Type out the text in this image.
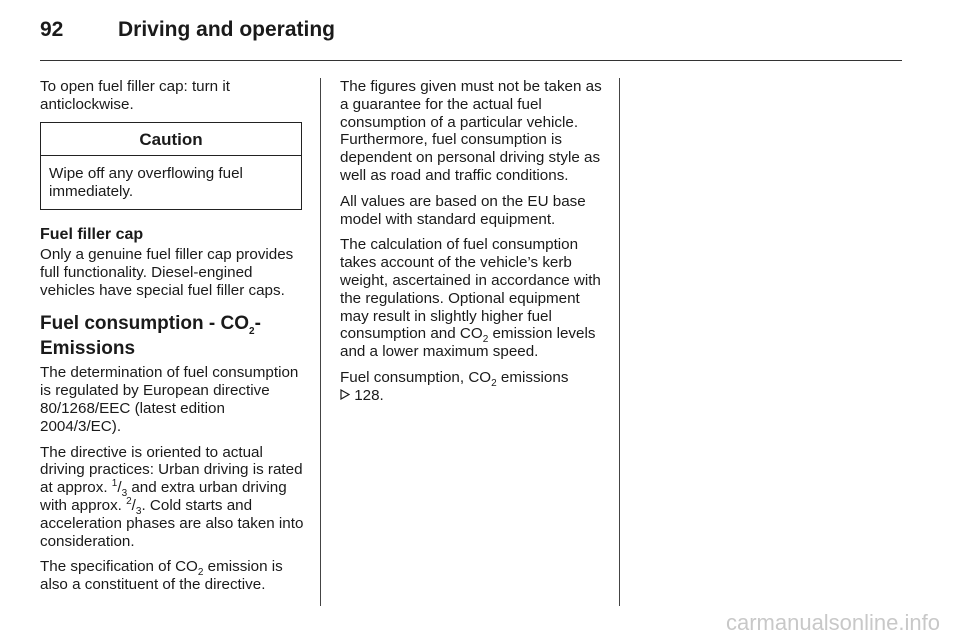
92	Driving and operating

To open fuel filler cap: turn it anticlockwise.

Caution
Wipe off any overflowing fuel immediately.
Fuel filler cap

Only a genuine fuel filler cap provides full functionality. Diesel-engined vehicles have special fuel filler caps.

Fuel consumption - $CO_2-$
Emissions

The determination of fuel consumption is regulated by European directive 80/1268/EEC (latest edition 2004/3/EC).

The directive is oriented to actual driving practices: Urban driving is rated at approx. $^1/_3$ and extra urban driving with approx. $^2/_3$. Cold starts and acceleration phases are also taken into consideration.

The specification of $CO_2$ emission is also a constituent of the directive.

The figures given must not be taken as a guarantee for the actual fuel consumption of a particular vehicle. Furthermore, fuel consumption is dependent on personal driving style as well as road and traffic conditions.

All values are based on the EU base model with standard equipment.

The calculation of fuel consumption takes account of the vehicle’s kerb weight, ascertained in accordance with the regulations. Optional equipment may result in slightly higher fuel consumption and $CO_2$ emission levels and a lower maximum speed.

Fuel consumption, $CO_2$ emissions
128.

carmanualsonline.info
